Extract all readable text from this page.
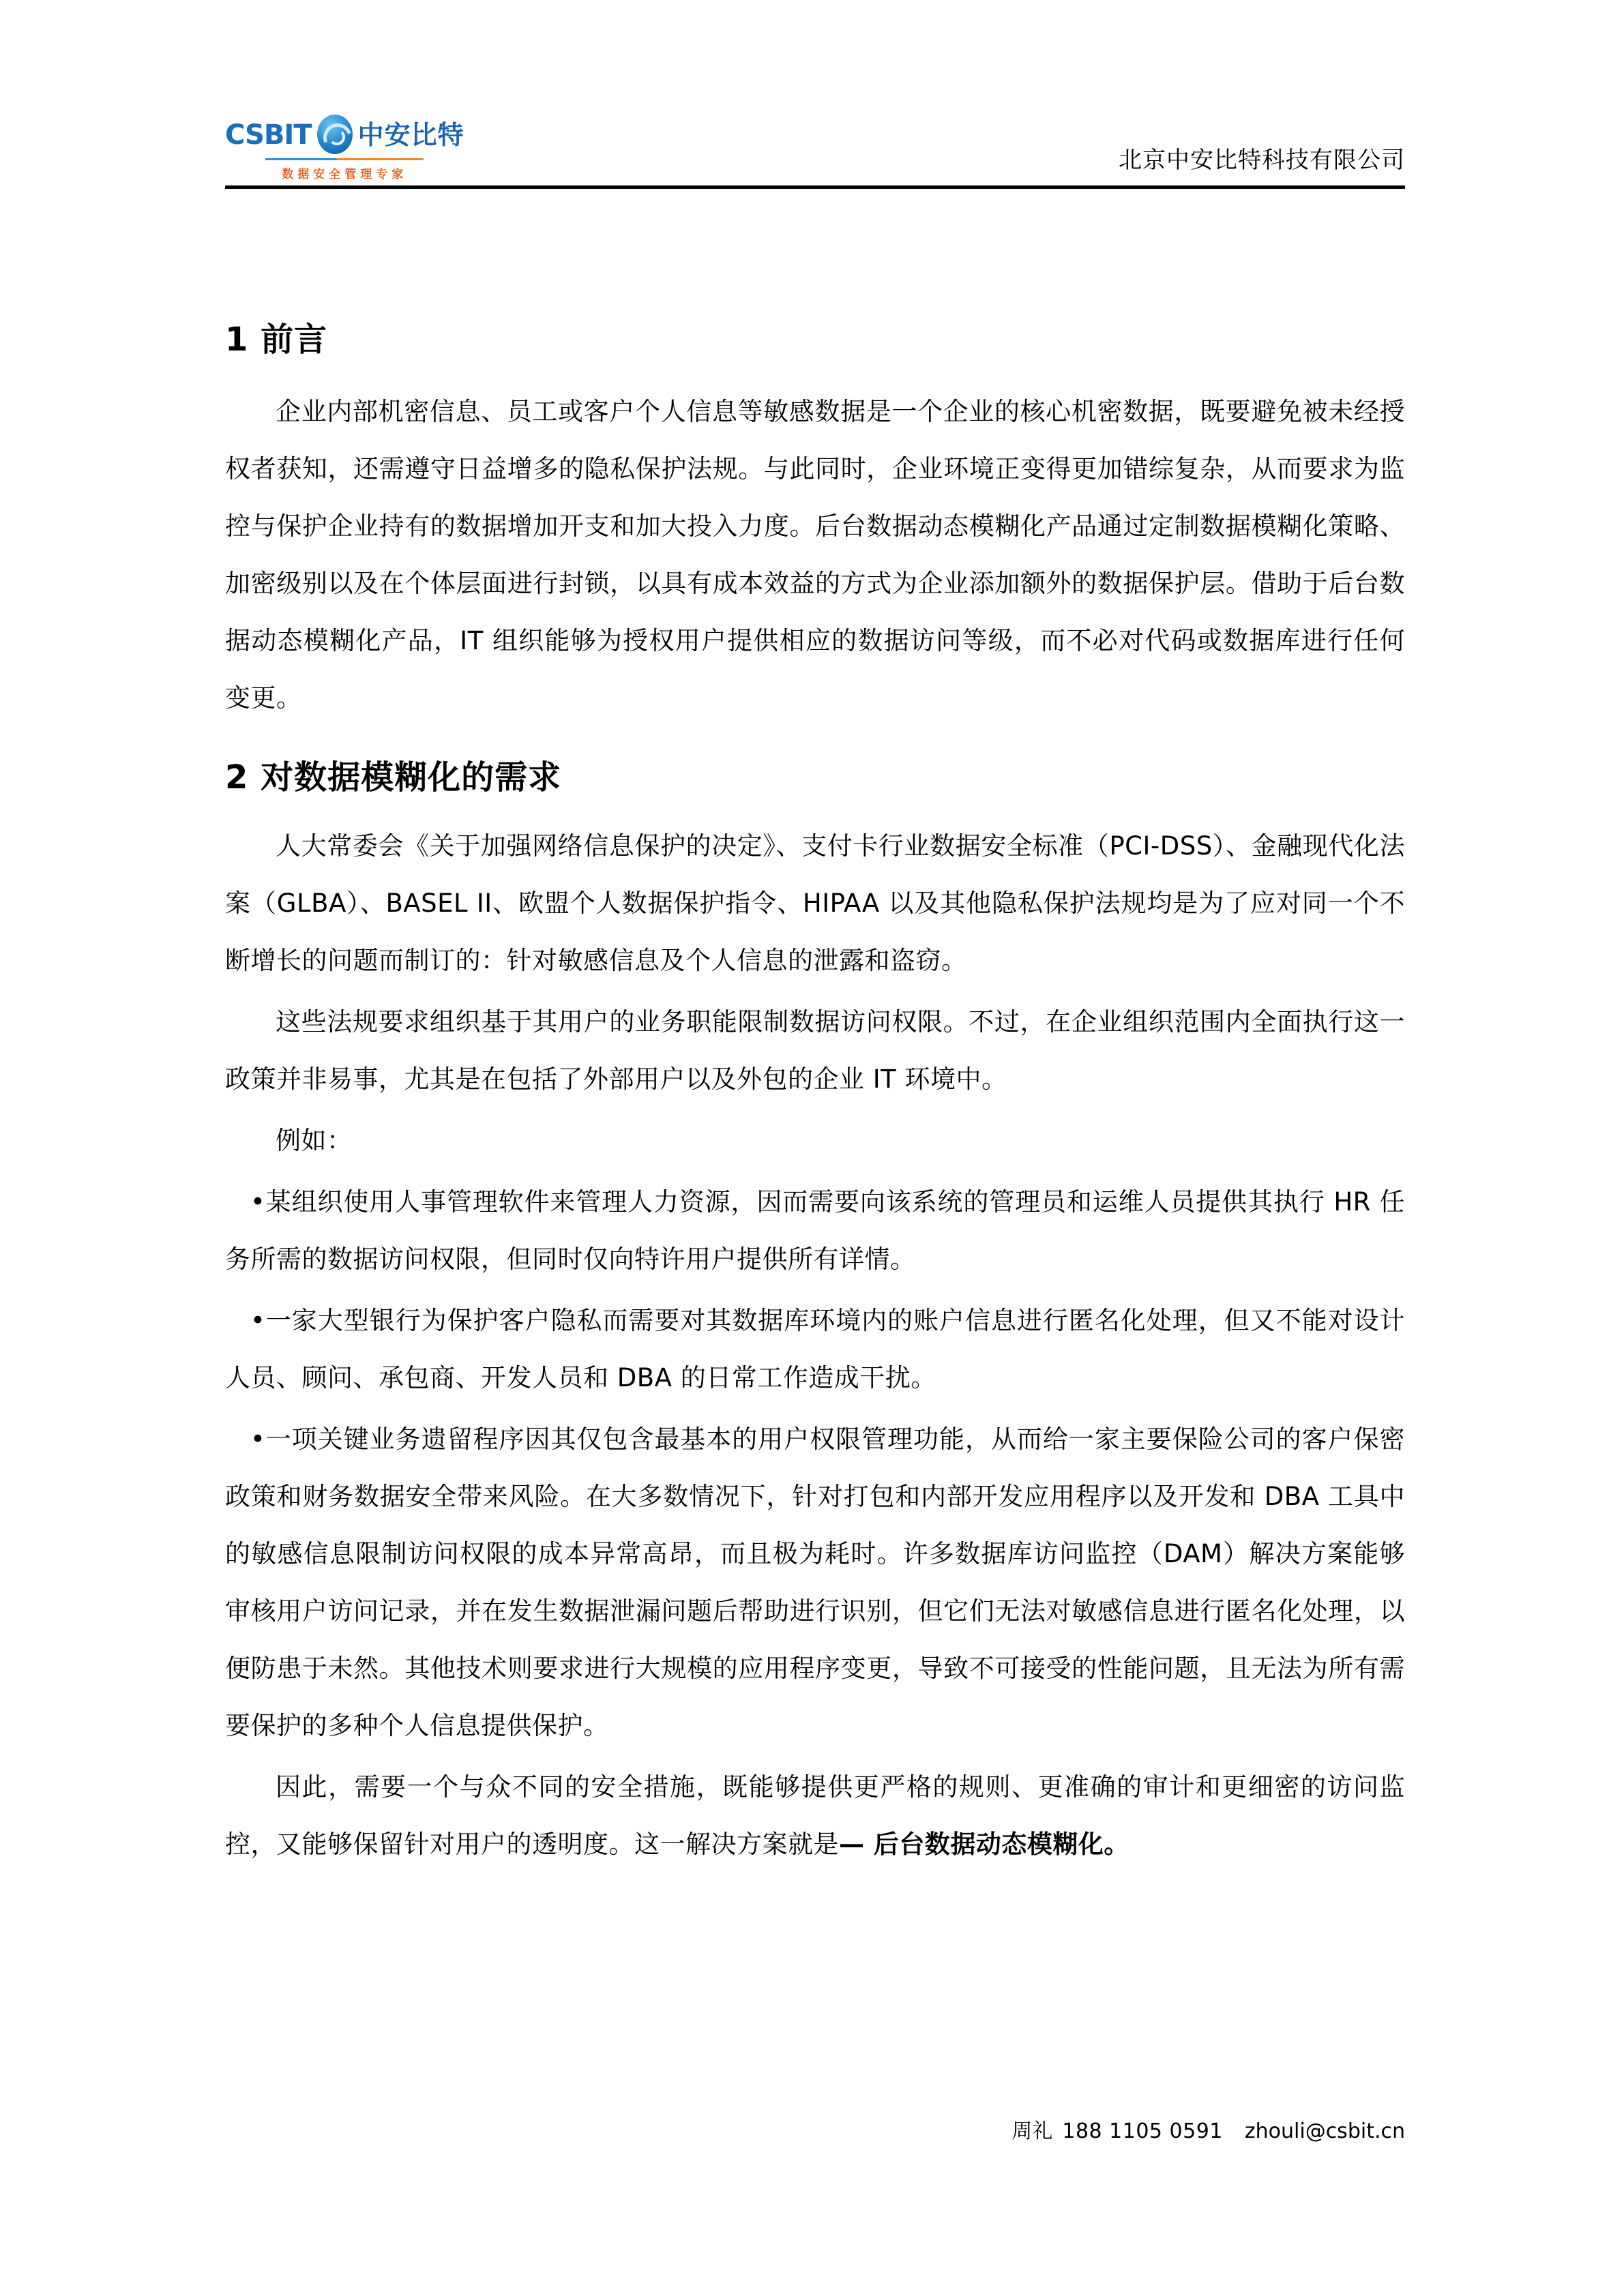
CSBIT 中安比特
数据安全管理专家
北京中安比特科技有限公司
1 前言

企业内部机密信息、员工或客户个人信息等敏感数据是一个企业的核心机密数据，既要避免被未经授权者获知，还需遵守日益增多的隐私保护法规。与此同时，企业环境正变得更加错综复杂，从而要求为监控与保护企业持有的数据增加开支和加大投入力度。后台数据动态模糊化产品通过定制数据模糊化策略、加密级别以及在个体层面进行封锁，以具有成本效益的方式为企业添加额外的数据保护层。借助于后台数据动态模糊化产品，IT 组织能够为授权用户提供相应的数据访问等级，而不必对代码或数据库进行任何变更。

2 对数据模糊化的需求

人大常委会《关于加强网络信息保护的决定》、支付卡行业数据安全标准（PCI-DSS）、金融现代化法案（GLBA）、BASEL II、欧盟个人数据保护指令、HIPAA 以及其他隐私保护法规均是为了应对同一个不断增长的问题而制订的：针对敏感信息及个人信息的泄露和盗窃。

这些法规要求组织基于其用户的业务职能限制数据访问权限。不过，在企业组织范围内全面执行这一政策并非易事，尤其是在包括了外部用户以及外包的企业 IT 环境中。

例如：

•某组织使用人事管理软件来管理人力资源，因而需要向该系统的管理员和运维人员提供其执行 HR 任务所需的数据访问权限，但同时仅向特许用户提供所有详情。

•一家大型银行为保护客户隐私而需要对其数据库环境内的账户信息进行匿名化处理，但又不能对设计人员、顾问、承包商、开发人员和 DBA 的日常工作造成干扰。

•一项关键业务遗留程序因其仅包含最基本的用户权限管理功能，从而给一家主要保险公司的客户保密政策和财务数据安全带来风险。在大多数情况下，针对打包和内部开发应用程序以及开发和 DBA 工具中的敏感信息限制访问权限的成本异常高昂，而且极为耗时。许多数据库访问监控（DAM）解决方案能够审核用户访问记录，并在发生数据泄漏问题后帮助进行识别，但它们无法对敏感信息进行匿名化处理，以便防患于未然。其他技术则要求进行大规模的应用程序变更，导致不可接受的性能问题，且无法为所有需要保护的多种个人信息提供保护。

因此，需要一个与众不同的安全措施，既能够提供更严格的规则、更准确的审计和更细密的访问监控，又能够保留针对用户的透明度。这一解决方案就是— 后台数据动态模糊化。

周礼 188 1105 0591 zhouli@csbit.cn
